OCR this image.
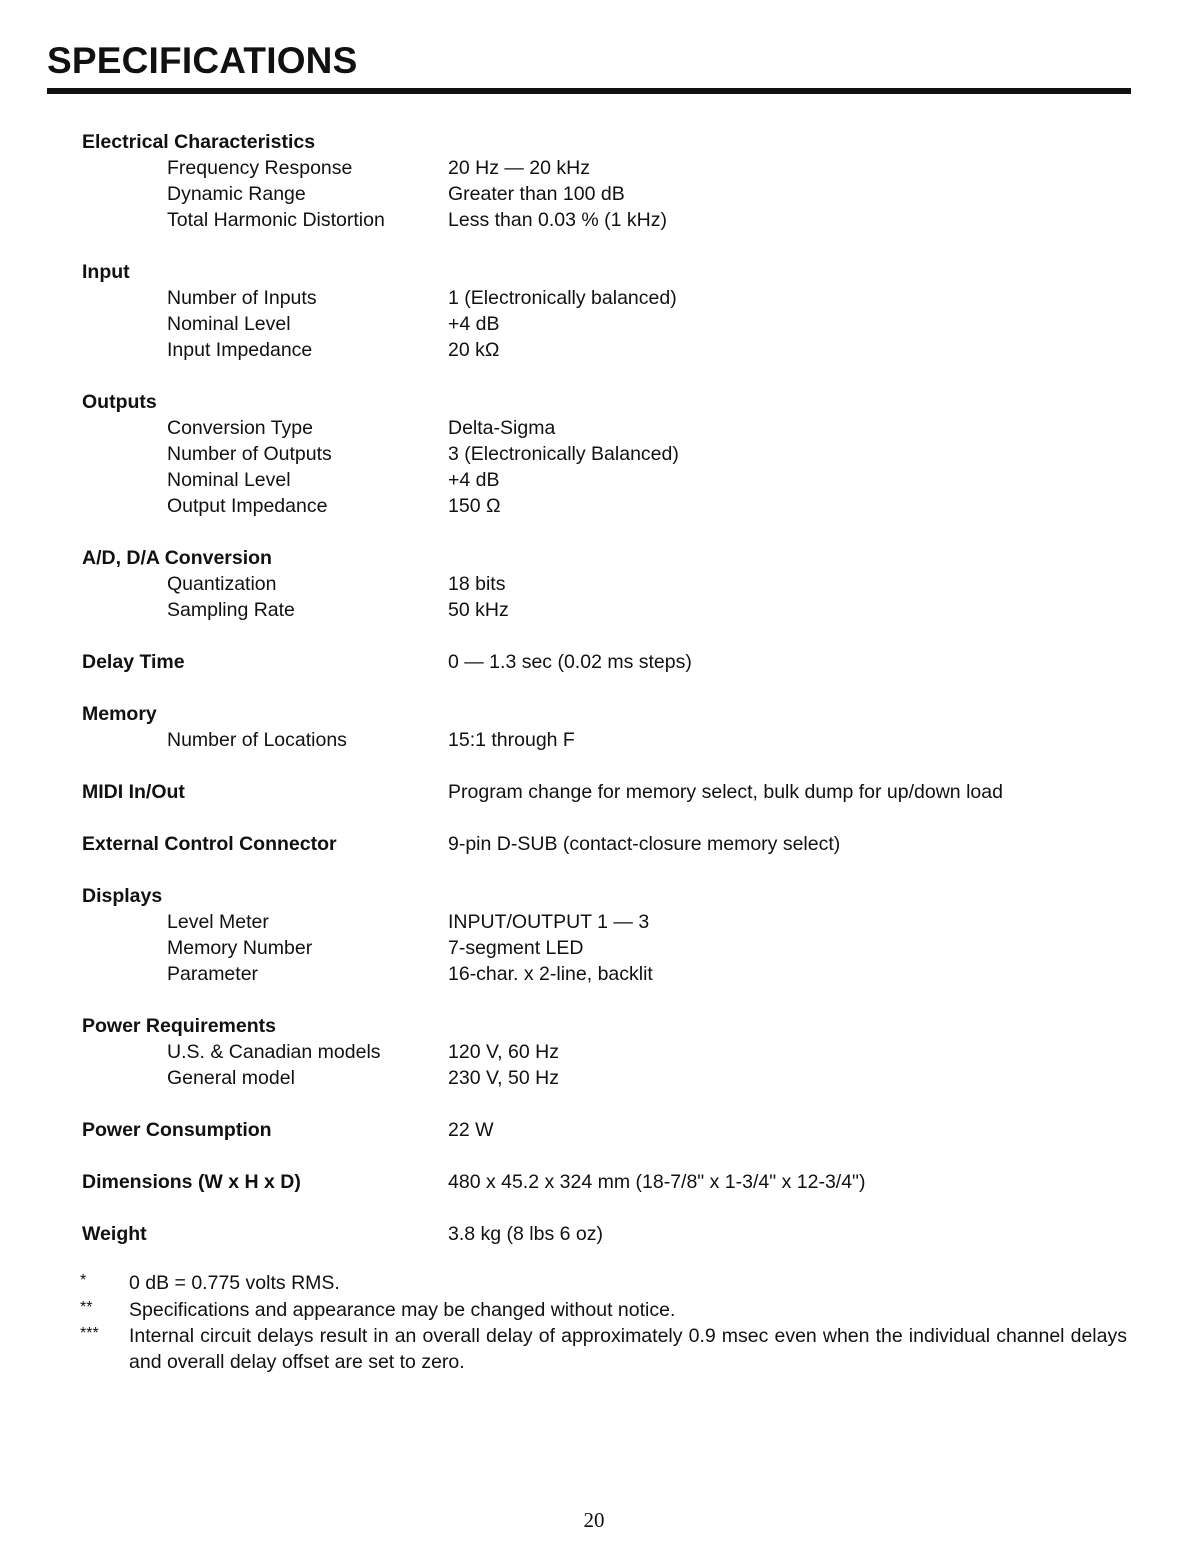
SPECIFICATIONS
Electrical Characteristics
Frequency Response	20 Hz — 20 kHz
Dynamic Range	Greater than 100 dB
Total Harmonic Distortion	Less than 0.03 % (1 kHz)
Input
Number of Inputs	1 (Electronically balanced)
Nominal Level	+4 dB
Input Impedance	20 kΩ
Outputs
Conversion Type	Delta-Sigma
Number of Outputs	3 (Electronically Balanced)
Nominal Level	+4 dB
Output Impedance	150 Ω
A/D, D/A Conversion
Quantization	18 bits
Sampling Rate	50 kHz
Delay Time	0 — 1.3 sec (0.02 ms steps)
Memory
Number of Locations	15:1 through F
MIDI In/Out	Program change for memory select, bulk dump for up/down load
External Control Connector	9-pin D-SUB (contact-closure memory select)
Displays
Level Meter	INPUT/OUTPUT 1 — 3
Memory Number	7-segment LED
Parameter	16-char. x 2-line, backlit
Power Requirements
U.S. & Canadian models	120 V, 60 Hz
General model	230 V, 50 Hz
Power Consumption	22 W
Dimensions (W x H x D)	480 x 45.2 x 324 mm (18-7/8" x 1-3/4" x 12-3/4")
Weight	3.8 kg (8 lbs 6 oz)
* 0 dB = 0.775 volts RMS.
** Specifications and appearance may be changed without notice.
*** Internal circuit delays result in an overall delay of approximately 0.9 msec even when the individual channel delays and overall delay offset are set to zero.
20
